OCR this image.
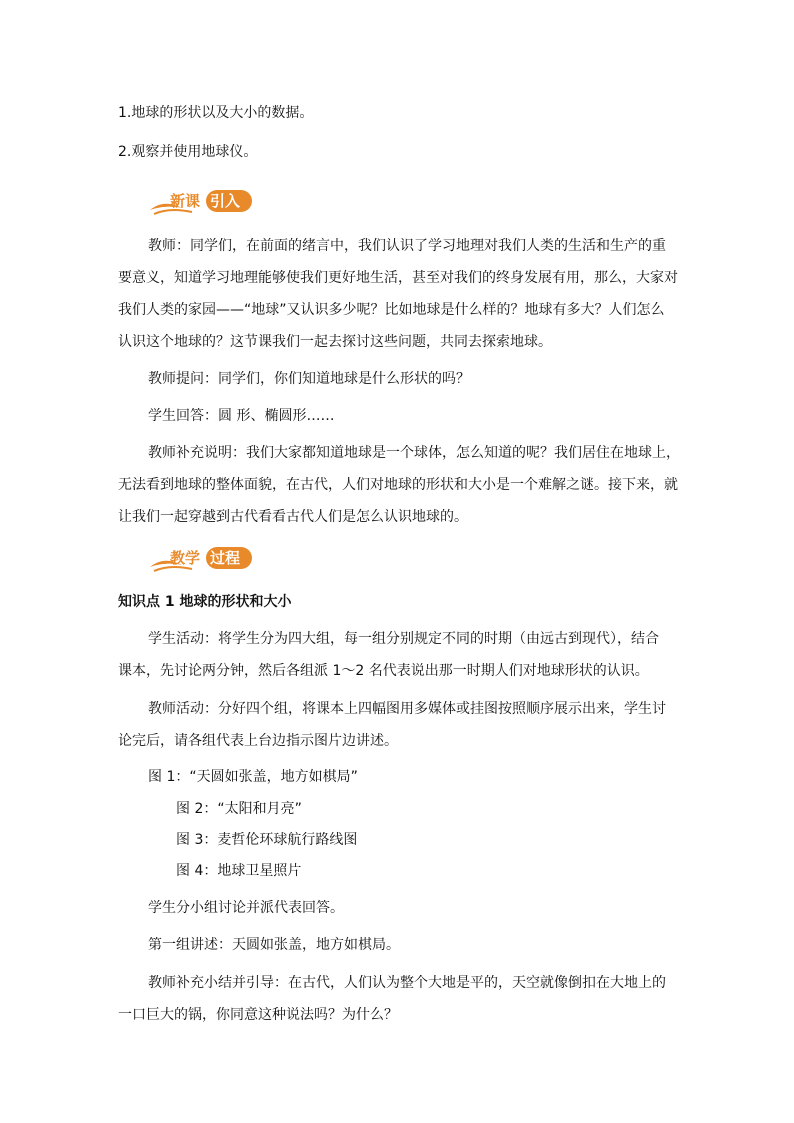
1.地球的形状以及大小的数据。
2.观察并使用地球仪。
新课 引入
教师：同学们，在前面的绪言中，我们认识了学习地理对我们人类的生活和生产的重
要意义，知道学习地理能够使我们更好地生活，甚至对我们的终身发展有用，那么，大家对
我们人类的家园——“地球”又认识多少呢？比如地球是什么样的？地球有多大？人们怎么
认识这个地球的？这节课我们一起去探讨这些问题，共同去探索地球。
教师提问：同学们，你们知道地球是什么形状的吗？
学生回答：圆 形、椭圆形……
教师补充说明：我们大家都知道地球是一个球体，怎么知道的呢？我们居住在地球上，
无法看到地球的整体面貌，在古代，人们对地球的形状和大小是一个难解之谜。接下来，就
让我们一起穿越到古代看看古代人们是怎么认识地球的。
教学 过程
知识点 1 地球的形状和大小
学生活动：将学生分为四大组，每一组分别规定不同的时期（由远古到现代），结合
课本，先讨论两分钟，然后各组派 1～2 名代表说出那一时期人们对地球形状的认识。
教师活动：分好四个组，将课本上四幅图用多媒体或挂图按照顺序展示出来，学生讨
论完后，请各组代表上台边指示图片边讲述。
图 1：“天圆如张盖，地方如棋局”
图 2：“太阳和月亮”
图 3：麦哲伦环球航行路线图
图 4：地球卫星照片
学生分小组讨论并派代表回答。
第一组讲述：天圆如张盖，地方如棋局。
教师补充小结并引导：在古代，人们认为整个大地是平的，天空就像倒扣在大地上的
一口巨大的锅，你同意这种说法吗？为什么？
